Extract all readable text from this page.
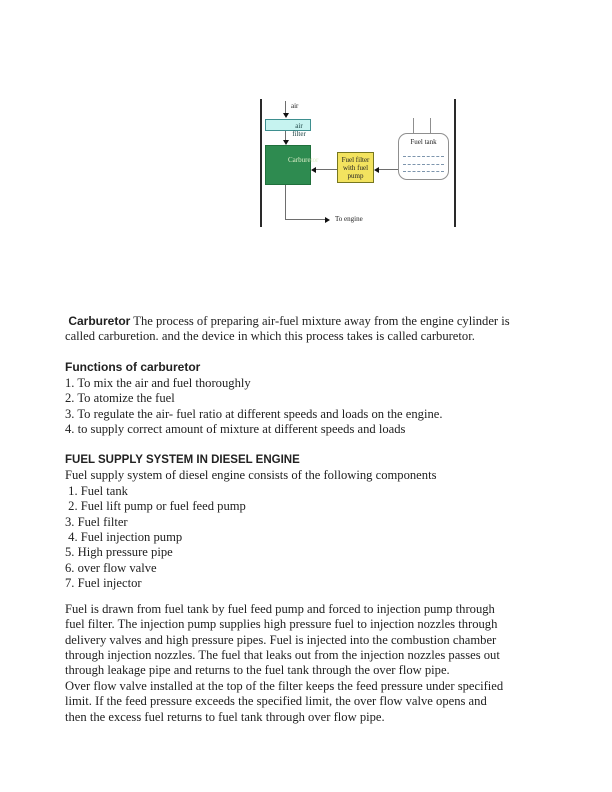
air
air filter
Carburetor	Fuel filter
with fuel
pump
Fuel tank
To engine
Carburetor The process of preparing air-fuel mixture away from the engine cylinder is
called carburetion. and the device in which this process takes is called carburetor.
Functions of carburetor
1. To mix the air and fuel thoroughly
2. To atomize the fuel
3. To regulate the air- fuel ratio at different speeds and loads on the engine.
4. to supply correct amount of mixture at different speeds and loads
FUEL SUPPLY SYSTEM IN DIESEL ENGINE
Fuel supply system of diesel engine consists of the following components
1. Fuel tank
2. Fuel lift pump or fuel feed pump
3. Fuel filter
4. Fuel injection pump
5. High pressure pipe
6. over flow valve
7. Fuel injector
Fuel is drawn from fuel tank by fuel feed pump and forced to injection pump through
fuel filter. The injection pump supplies high pressure fuel to injection nozzles through
delivery valves and high pressure pipes. Fuel is injected into the combustion chamber
through injection nozzles. The fuel that leaks out from the injection nozzles passes out
through leakage pipe and returns to the fuel tank through the over flow pipe.
Over flow valve installed at the top of the filter keeps the feed pressure under specified
limit. If the feed pressure exceeds the specified limit, the over flow valve opens and
then the excess fuel returns to fuel tank through over flow pipe.
